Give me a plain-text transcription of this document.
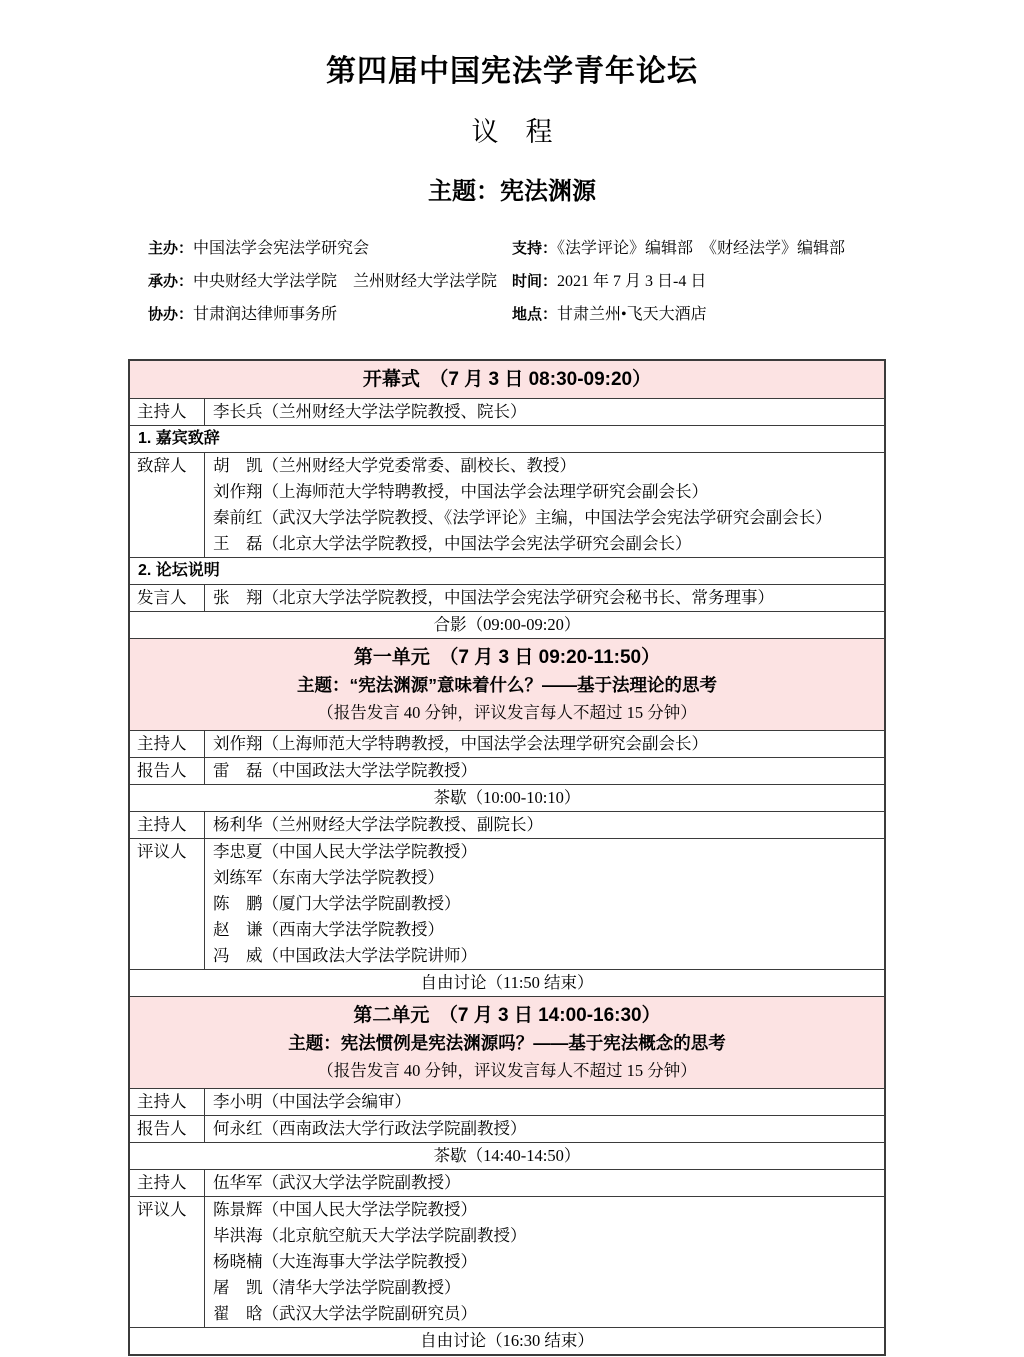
第四届中国宪法学青年论坛
议　程
主题：宪法渊源
主办：中国法学会宪法学研究会
承办：中央财经大学法学院　兰州财经大学法学院
协办：甘肃润达律师事务所
支持：《法学评论》编辑部　《财经法学》编辑部
时间：2021 年 7 月 3 日-4 日
地点：甘肃兰州•飞天大酒店
开幕式　（7 月 3 日 08:30-09:20）
主持人	李长兵（兰州财经大学法学院教授、院长）
1. 嘉宾致辞
致辞人	胡　凯（兰州财经大学党委常委、副校长、教授）
刘作翔（上海师范大学特聘教授，中国法学会法理学研究会副会长）
秦前红（武汉大学法学院教授、《法学评论》主编，中国法学会宪法学研究会副会长）
王　磊（北京大学法学院教授，中国法学会宪法学研究会副会长）
2. 论坛说明
发言人	张　翔（北京大学法学院教授，中国法学会宪法学研究会秘书长、常务理事）
合影（09:00-09:20）
第一单元　（7 月 3 日 09:20-11:50）
主题：“宪法渊源”意味着什么？——基于法理论的思考
（报告发言 40 分钟，评议发言每人不超过 15 分钟）
主持人	刘作翔（上海师范大学特聘教授，中国法学会法理学研究会副会长）
报告人	雷　磊（中国政法大学法学院教授）
茶歇（10:00-10:10）
主持人	杨利华（兰州财经大学法学院教授、副院长）
评议人	李忠夏（中国人民大学法学院教授）
刘练军（东南大学法学院教授）
陈　鹏（厦门大学法学院副教授）
赵　谦（西南大学法学院教授）
冯　威（中国政法大学法学院讲师）
自由讨论（11:50 结束）
第二单元　（7 月 3 日 14:00-16:30）
主题：宪法惯例是宪法渊源吗？——基于宪法概念的思考
（报告发言 40 分钟，评议发言每人不超过 15 分钟）
主持人	李小明（中国法学会编审）
报告人	何永红（西南政法大学行政法学院副教授）
茶歇（14:40-14:50）
主持人	伍华军（武汉大学法学院副教授）
评议人	陈景辉（中国人民大学法学院教授）
毕洪海（北京航空航天大学法学院副教授）
杨晓楠（大连海事大学法学院教授）
屠　凯（清华大学法学院副教授）
翟　晗（武汉大学法学院副研究员）
自由讨论（16:30 结束）
